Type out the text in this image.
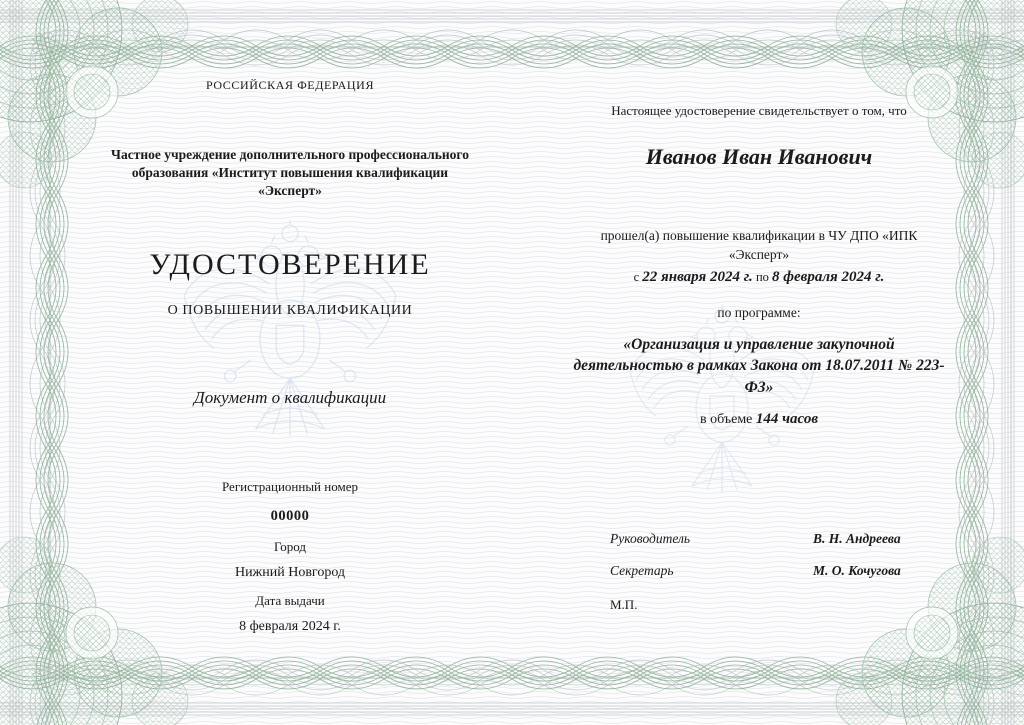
РОССИЙСКАЯ ФЕДЕРАЦИЯ
Частное учреждение дополнительного профессионального образования «Институт повышения квалификации «Эксперт»
УДОСТОВЕРЕНИЕ
О ПОВЫШЕНИИ КВАЛИФИКАЦИИ
Документ о квалификации
Регистрационный номер
00000
Город
Нижний Новгород
Дата выдачи
8 февраля 2024 г.
Настоящее удостоверение свидетельствует о том, что
Иванов Иван Иванович
прошел(а) повышение квалификации в ЧУ ДПО «ИПК «Эксперт»
с 22 января 2024 г. по 8 февраля 2024 г.
по программе:
«Организация и управление закупочной деятельностью в рамках Закона от 18.07.2011 № 223-ФЗ»
в объеме 144 часов
Руководитель	В. Н. Андреева
Секретарь	М. О. Кочугова
М.П.
